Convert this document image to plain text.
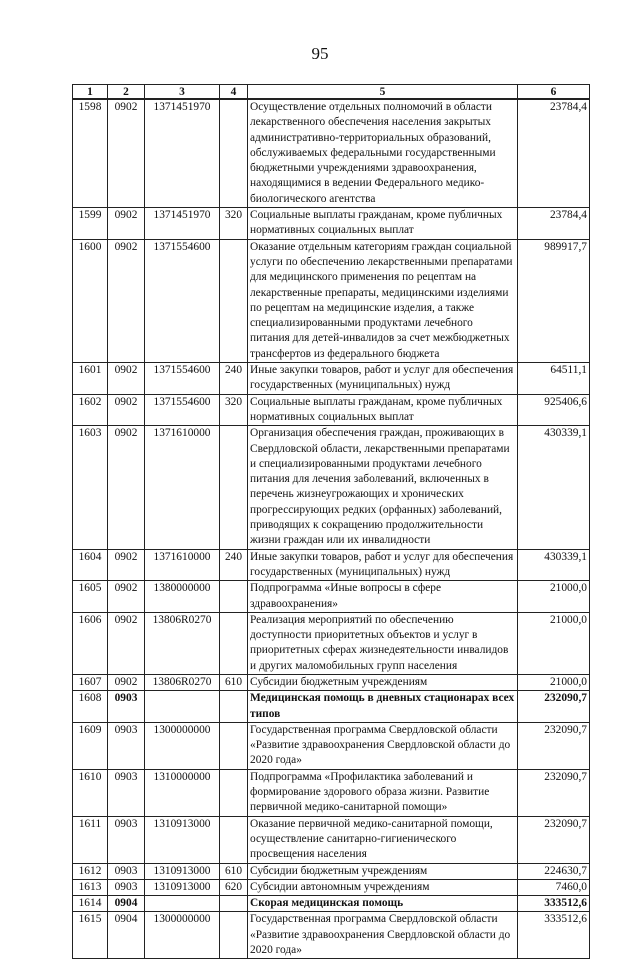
95
1	2	3	4	5	6
1598	0902	1371451970		Осуществление отдельных полномочий в области лекарственного обеспечения населения закрытых административно-территориальных образований, обслуживаемых федеральными государственными бюджетными учреждениями здравоохранения, находящимися в ведении Федерального медико-биологического агентства	23784,4
1599	0902	1371451970	320	Социальные выплаты гражданам, кроме публичных нормативных социальных выплат	23784,4
1600	0902	1371554600		Оказание отдельным категориям граждан социальной услуги по обеспечению лекарственными препаратами для медицинского применения по рецептам на лекарственные препараты, медицинскими изделиями по рецептам на медицинские изделия, а также специализированными продуктами лечебного питания для детей-инвалидов за счет межбюджетных трансфертов из федерального бюджета	989917,7
1601	0902	1371554600	240	Иные закупки товаров, работ и услуг для обеспечения государственных (муниципальных) нужд	64511,1
1602	0902	1371554600	320	Социальные выплаты гражданам, кроме публичных нормативных социальных выплат	925406,6
1603	0902	1371610000		Организация обеспечения граждан, проживающих в Свердловской области, лекарственными препаратами и специализированными продуктами лечебного питания для лечения заболеваний, включенных в перечень жизнеугрожающих и хронических прогрессирующих редких (орфанных) заболеваний, приводящих к сокращению продолжительности жизни граждан или их инвалидности	430339,1
1604	0902	1371610000	240	Иные закупки товаров, работ и услуг для обеспечения государственных (муниципальных) нужд	430339,1
1605	0902	1380000000		Подпрограмма «Иные вопросы в сфере здравоохранения»	21000,0
1606	0902	13806R0270		Реализация мероприятий по обеспечению доступности приоритетных объектов и услуг в приоритетных сферах жизнедеятельности инвалидов и других маломобильных групп населения	21000,0
1607	0902	13806R0270	610	Субсидии бюджетным учреждениям	21000,0
1608	0903			Медицинская помощь в дневных стационарах всех типов	232090,7
1609	0903	1300000000		Государственная программа Свердловской области «Развитие здравоохранения Свердловской области до 2020 года»	232090,7
1610	0903	1310000000		Подпрограмма «Профилактика заболеваний и формирование здорового образа жизни. Развитие первичной медико-санитарной помощи»	232090,7
1611	0903	1310913000		Оказание первичной медико-санитарной помощи, осуществление санитарно-гигиенического просвещения населения	232090,7
1612	0903	1310913000	610	Субсидии бюджетным учреждениям	224630,7
1613	0903	1310913000	620	Субсидии автономным учреждениям	7460,0
1614	0904			Скорая медицинская помощь	333512,6
1615	0904	1300000000		Государственная программа Свердловской области «Развитие здравоохранения Свердловской области до 2020 года»	333512,6
